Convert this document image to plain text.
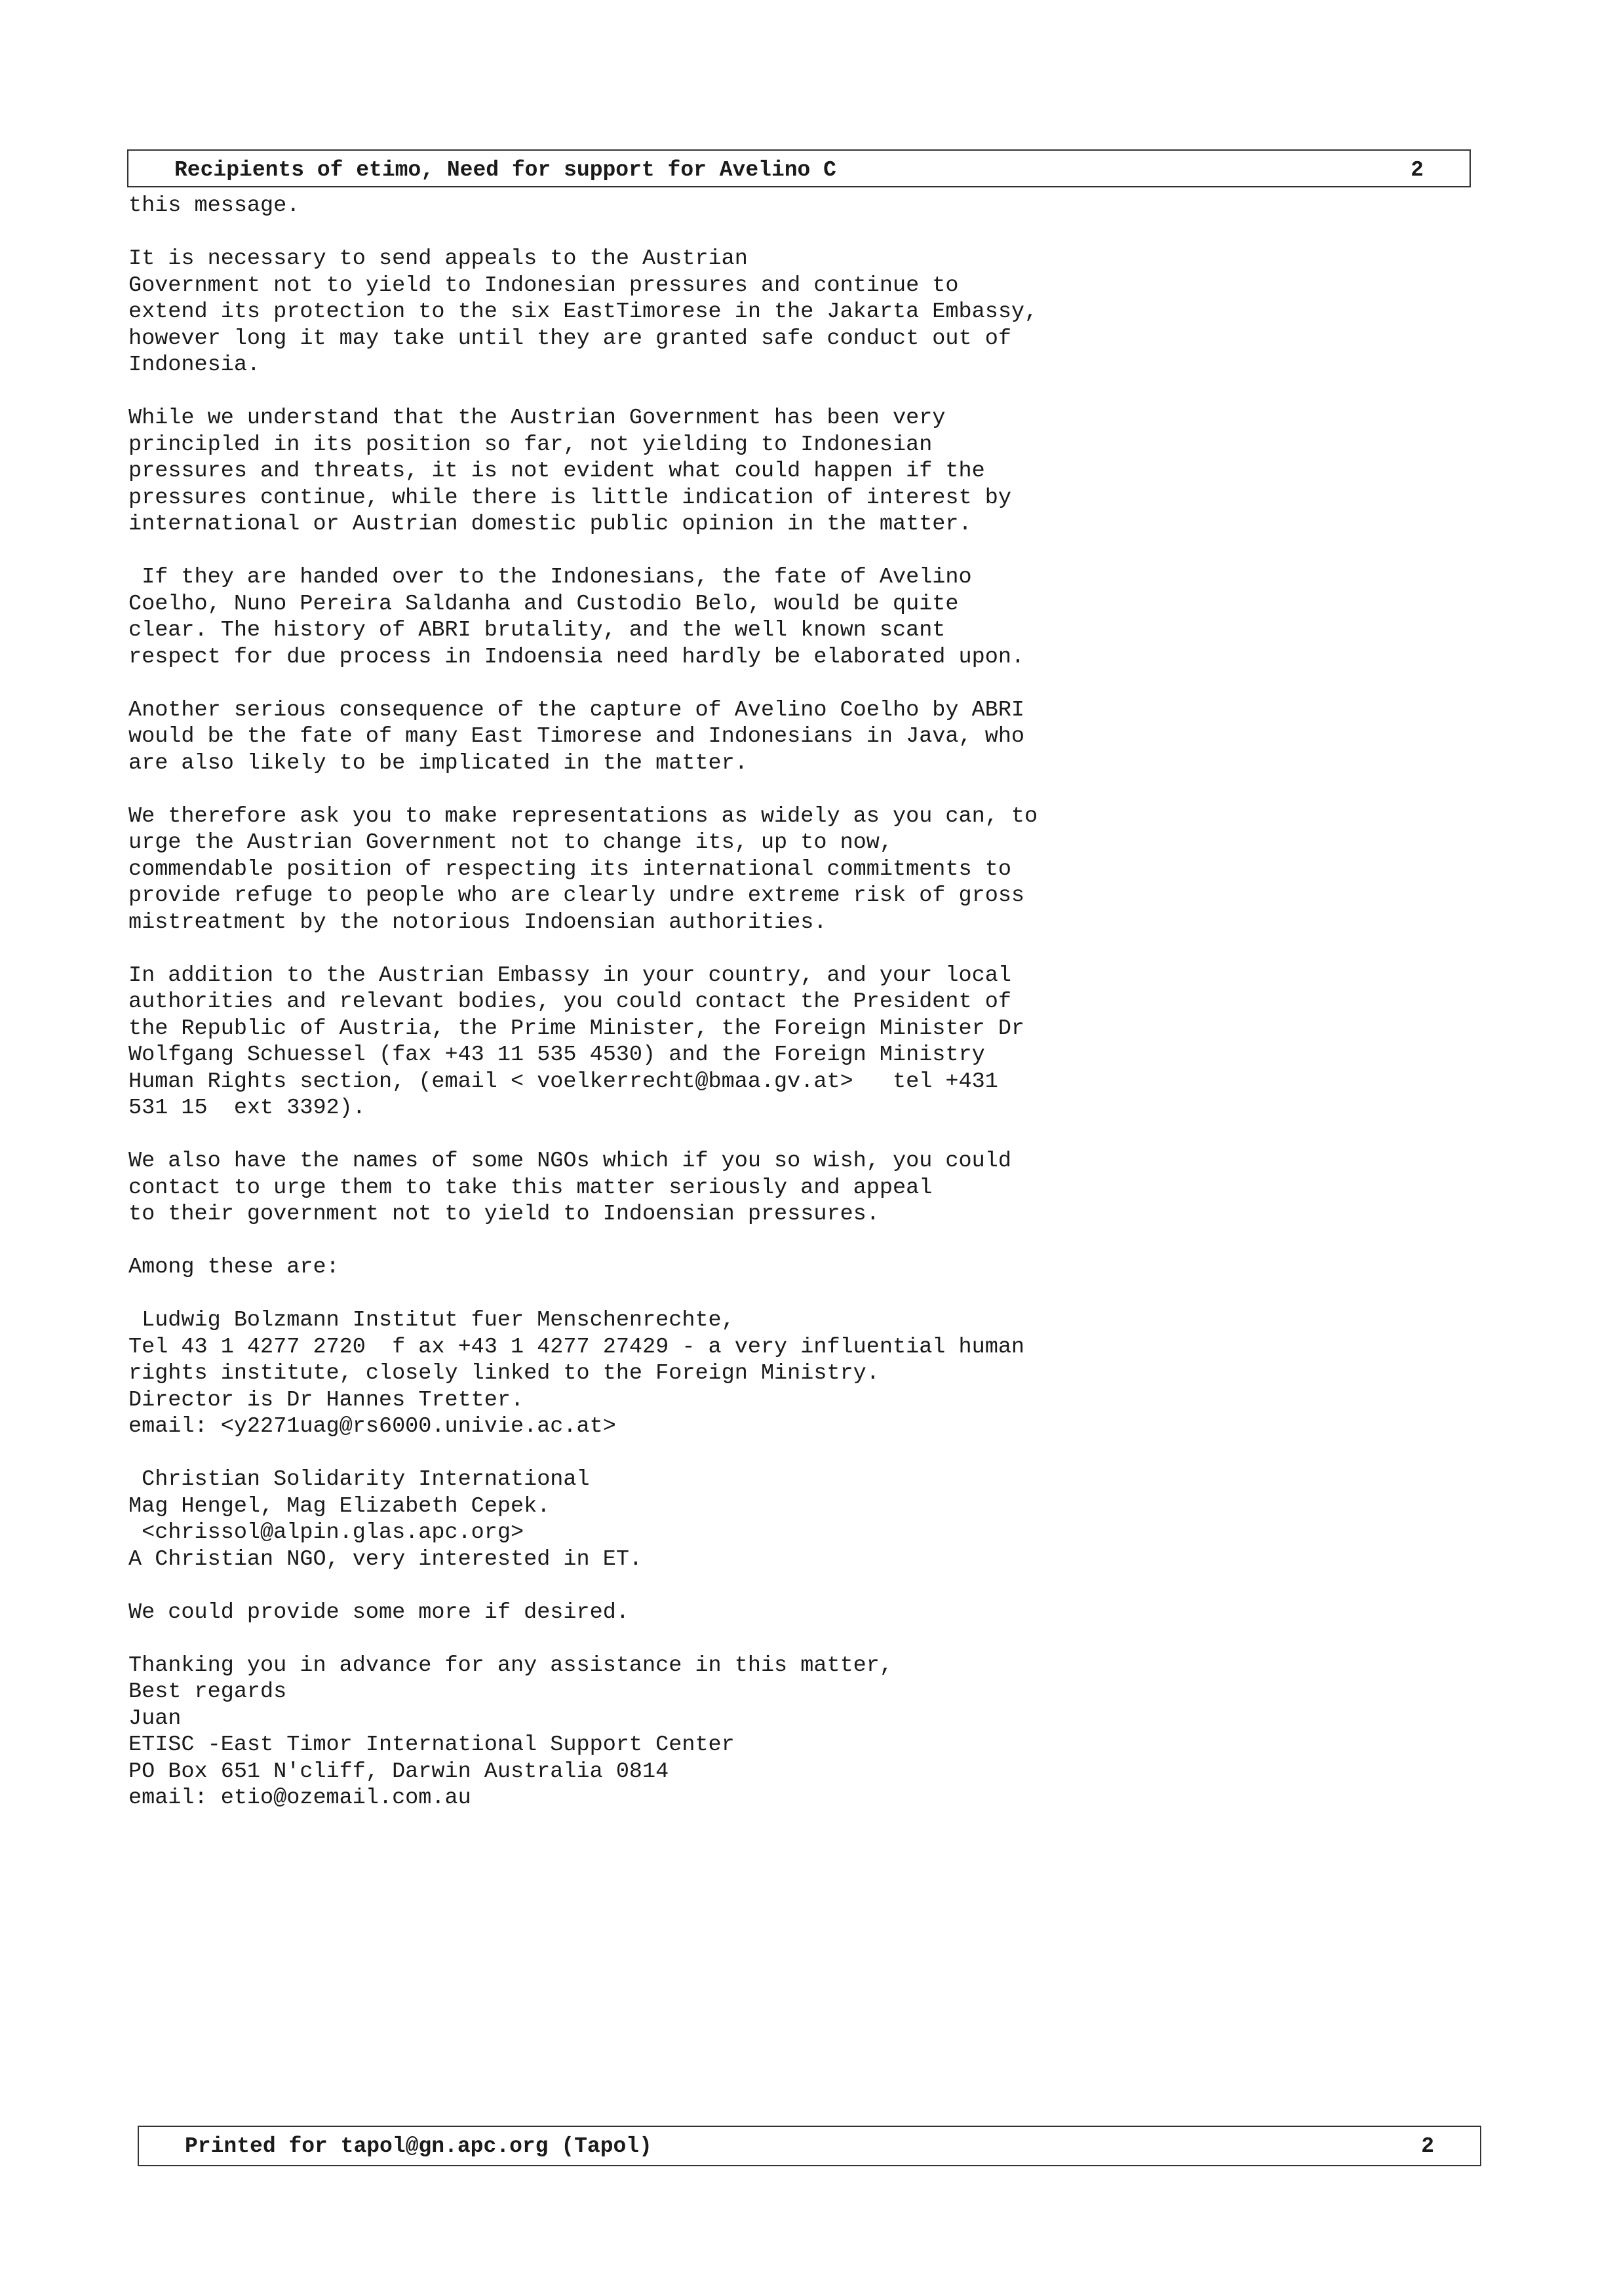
Recipients of etimo, Need for support for Avelino C	2
this message.
It is necessary to send appeals to the Austrian
Government not to yield to Indonesian pressures and continue to
extend its protection to the six EastTimorese in the Jakarta Embassy,
however long it may take until they are granted safe conduct out of
Indonesia.
While we understand that the Austrian Government has been very
principled in its position so far, not yielding to Indonesian
pressures and threats, it is not evident what could happen if the
pressures continue, while there is little indication of interest by
international or Austrian domestic public opinion in the matter.
If they are handed over to the Indonesians, the fate of Avelino
Coelho, Nuno Pereira Saldanha and Custodio Belo, would be quite
clear. The history of ABRI brutality, and the well known scant
respect for due process in Indoensia need hardly be elaborated upon.
Another serious consequence of the capture of Avelino Coelho by ABRI
would be the fate of many East Timorese and Indonesians in Java, who
are also likely to be implicated in the matter.
We therefore ask you to make representations as widely as you can, to
urge the Austrian Government not to change its, up to now,
commendable position of respecting its international commitments to
provide refuge to people who are clearly undre extreme risk of gross
mistreatment by the notorious Indoensian authorities.
In addition to the Austrian Embassy in your country, and your local
authorities and relevant bodies, you could contact the President of
the Republic of Austria, the Prime Minister, the Foreign Minister Dr
Wolfgang Schuessel (fax +43 11 535 4530) and the Foreign Ministry
Human Rights section, (email < voelkerrecht@bmaa.gv.at>   tel +431
531 15  ext 3392).
We also have the names of some NGOs which if you so wish, you could
contact to urge them to take this matter seriously and appeal
to their government not to yield to Indoensian pressures.
Among these are:
Ludwig Bolzmann Institut fuer Menschenrechte,
Tel 43 1 4277 2720  f ax +43 1 4277 27429 - a very influential human
rights institute, closely linked to the Foreign Ministry.
Director is Dr Hannes Tretter.
email: <y2271uag@rs6000.univie.ac.at>
Christian Solidarity International
Mag Hengel, Mag Elizabeth Cepek.
<chrissol@alpin.glas.apc.org>
A Christian NGO, very interested in ET.
We could provide some more if desired.
Thanking you in advance for any assistance in this matter,
Best regards
Juan
ETISC -East Timor International Support Center
PO Box 651 N'cliff, Darwin Australia 0814
email: etio@ozemail.com.au
Printed for tapol@gn.apc.org (Tapol)	2
